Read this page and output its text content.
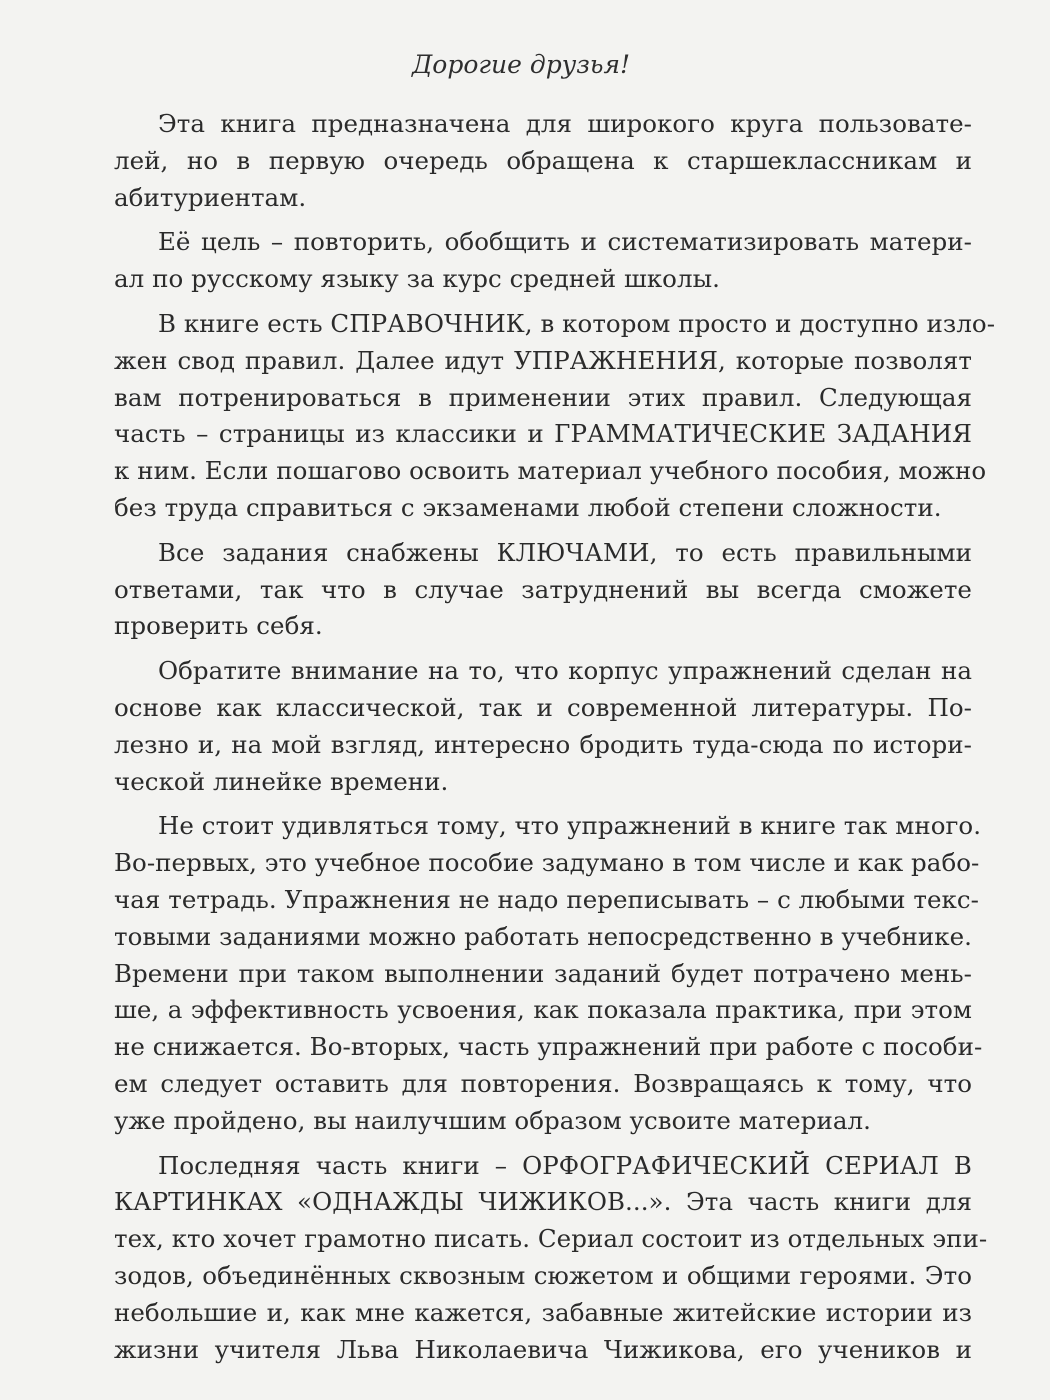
Дорогие друзья!
Эта книга предназначена для широкого круга пользовате-
лей, но в первую очередь обращена к старшеклассникам и
абитуриентам.
Её цель – повторить, обобщить и систематизировать матери-
ал по русскому языку за курс средней школы.
В книге есть СПРАВОЧНИК, в котором просто и доступно изло-
жен свод правил. Далее идут УПРАЖНЕНИЯ, которые позволят
вам потренироваться в применении этих правил. Следующая
часть – страницы из классики и ГРАММАТИЧЕСКИЕ ЗАДАНИЯ
к ним. Если пошагово освоить материал учебного пособия, можно
без труда справиться с экзаменами любой степени сложности.
Все задания снабжены КЛЮЧАМИ, то есть правильными
ответами, так что в случае затруднений вы всегда сможете
проверить себя.
Обратите внимание на то, что корпус упражнений сделан на
основе как классической, так и современной литературы. По-
лезно и, на мой взгляд, интересно бродить туда-сюда по истори-
ческой линейке времени.
Не стоит удивляться тому, что упражнений в книге так много.
Во-первых, это учебное пособие задумано в том числе и как рабо-
чая тетрадь. Упражнения не надо переписывать – с любыми текс-
товыми заданиями можно работать непосредственно в учебнике.
Времени при таком выполнении заданий будет потрачено мень-
ше, а эффективность усвоения, как показала практика, при этом
не снижается. Во-вторых, часть упражнений при работе с пособи-
ем следует оставить для повторения. Возвращаясь к тому, что
уже пройдено, вы наилучшим образом усвоите материал.
Последняя часть книги – ОРФОГРАФИЧЕСКИЙ СЕРИАЛ В
КАРТИНКАХ «ОДНАЖДЫ ЧИЖИКОВ...». Эта часть книги для
тех, кто хочет грамотно писать. Сериал состоит из отдельных эпи-
зодов, объединённых сквозным сюжетом и общими героями. Это
небольшие и, как мне кажется, забавные житейские истории из
жизни учителя Льва Николаевича Чижикова, его учеников и
